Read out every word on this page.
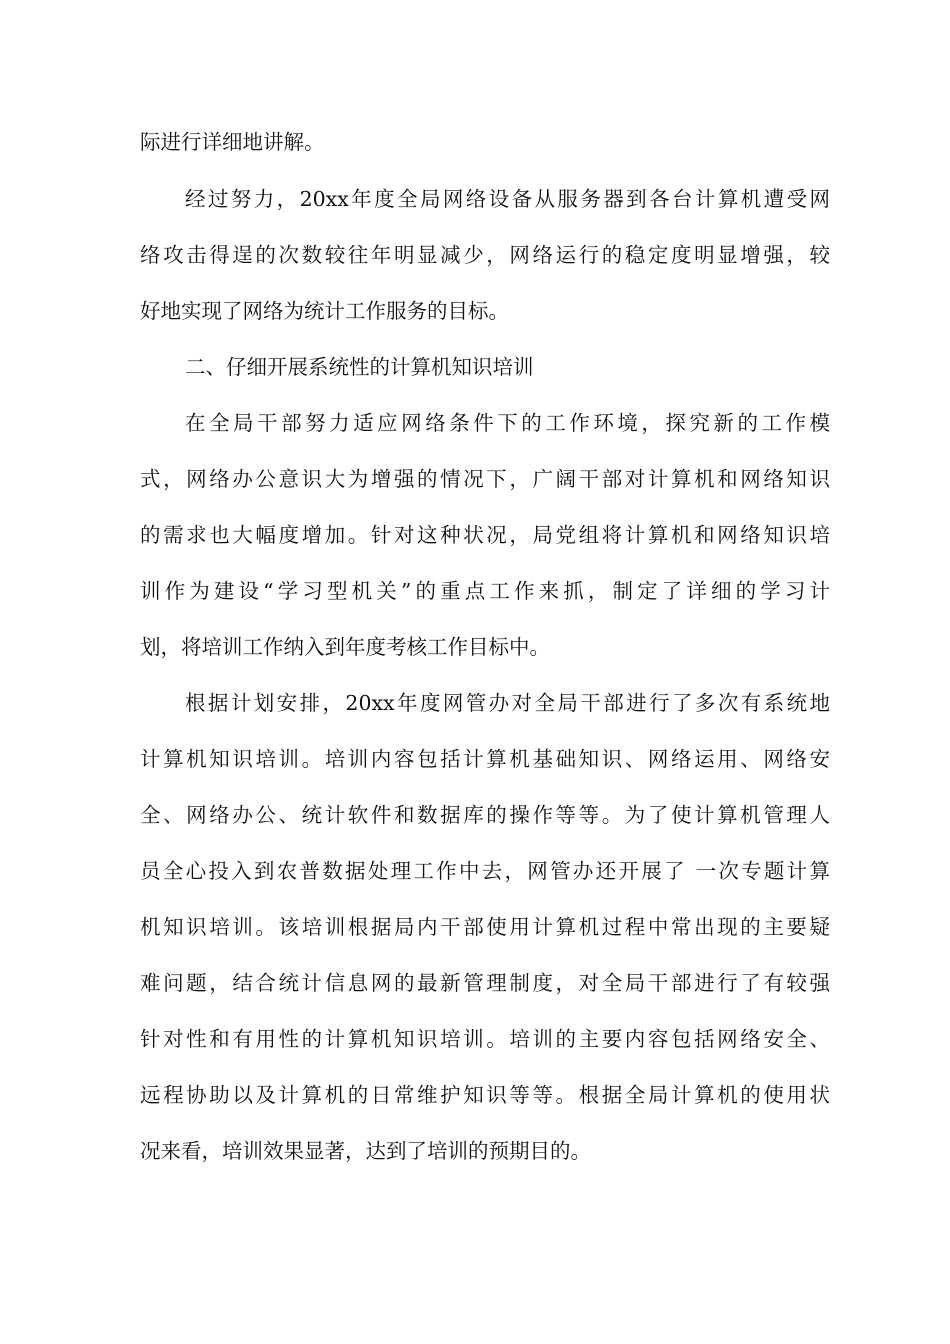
际进行详细地讲解。
经过努力，20xx年度全局网络设备从服务器到各台计算机遭受网
络攻击得逞的次数较往年明显减少，网络运行的稳定度明显增强，较
好地实现了网络为统计工作服务的目标。
二、仔细开展系统性的计算机知识培训
在全局干部努力适应网络条件下的工作环境，探究新的工作模
式，网络办公意识大为增强的情况下，广阔干部对计算机和网络知识
的需求也大幅度增加。针对这种状况，局党组将计算机和网络知识培
训作为建设“学习型机关”的重点工作来抓，制定了详细的学习计
划，将培训工作纳入到年度考核工作目标中。
根据计划安排，20xx年度网管办对全局干部进行了多次有系统地
计算机知识培训。培训内容包括计算机基础知识、网络运用、网络安
全、网络办公、统计软件和数据库的操作等等。为了使计算机管理人
员全心投入到农普数据处理工作中去，网管办还开展了 一次专题计算
机知识培训。该培训根据局内干部使用计算机过程中常出现的主要疑
难问题，结合统计信息网的最新管理制度，对全局干部进行了有较强
针对性和有用性的计算机知识培训。培训的主要内容包括网络安全、
远程协助以及计算机的日常维护知识等等。根据全局计算机的使用状
况来看，培训效果显著，达到了培训的预期目的。
